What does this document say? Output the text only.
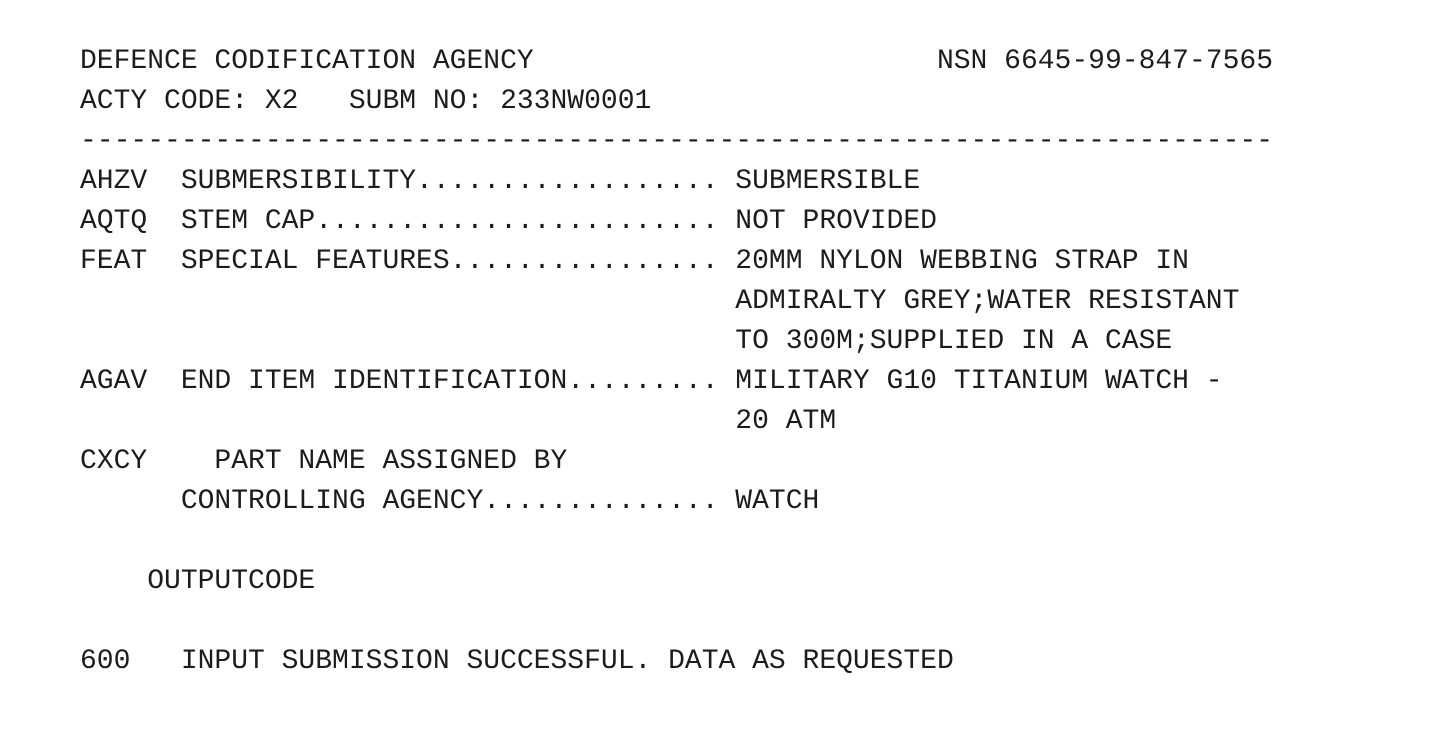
DEFENCE CODIFICATION AGENCY                        NSN 6645-99-847-7565
ACTY CODE: X2   SUBM NO: 233NW0001
-----------------------------------------------------------------------
AHZV  SUBMERSIBILITY.................. SUBMERSIBLE
AQTQ  STEM CAP........................ NOT PROVIDED
FEAT  SPECIAL FEATURES................ 20MM NYLON WEBBING STRAP IN
ADMIRALTY GREY;WATER RESISTANT
TO 300M;SUPPLIED IN A CASE
AGAV  END ITEM IDENTIFICATION......... MILITARY G10 TITANIUM WATCH -
20 ATM
CXCY    PART NAME ASSIGNED BY
CONTROLLING AGENCY.............. WATCH
OUTPUTCODE
600   INPUT SUBMISSION SUCCESSFUL. DATA AS REQUESTED
